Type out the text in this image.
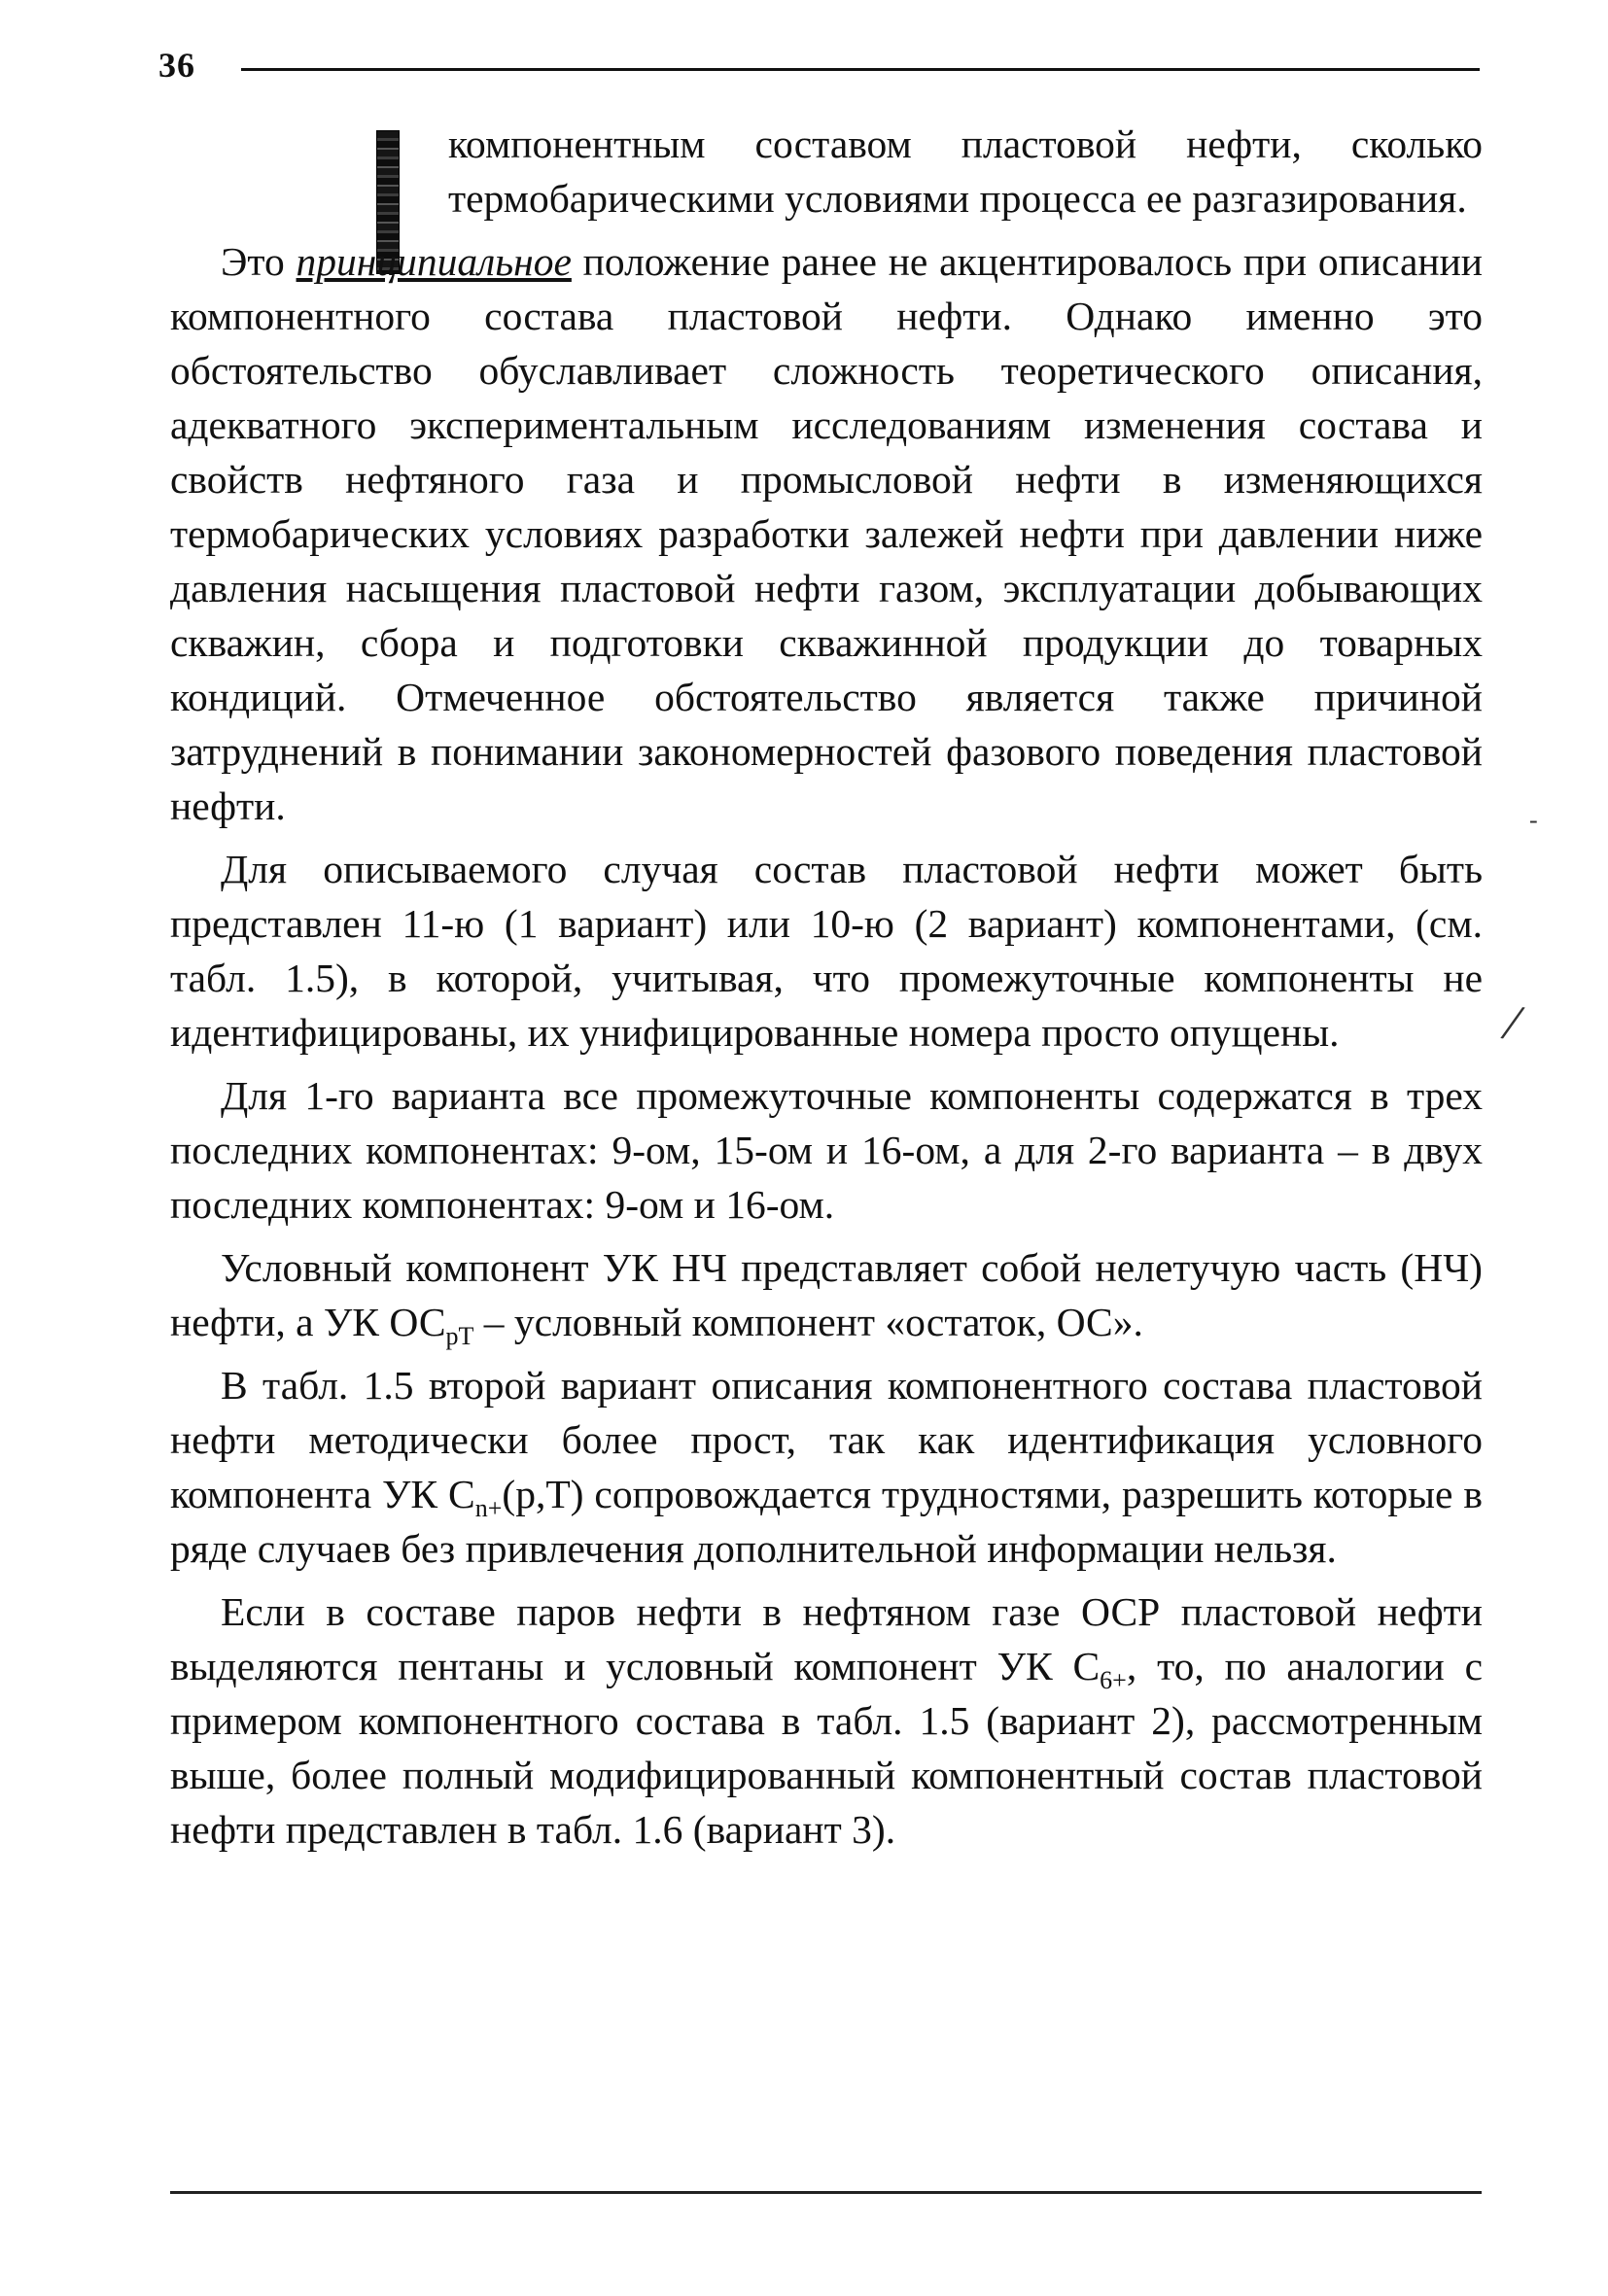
36

компонентным составом пластовой нефти, сколько термобарическими условиями процесса ее разгазирования.

Это принципиальное положение ранее не акцентировалось при описании компонентного состава пластовой нефти. Однако именно это обстоятельство обуславливает сложность теоретического описания, адекватного экспериментальным исследованиям изменения состава и свойств нефтяного газа и промысловой нефти в изменяющихся термобарических условиях разработки залежей нефти при давлении ниже давления насыщения пластовой нефти газом, эксплуатации добывающих скважин, сбора и подготовки скважинной продукции до товарных кондиций. Отмеченное обстоятельство является также причиной затруднений в понимании закономерностей фазового поведения пластовой нефти.

Для описываемого случая состав пластовой нефти может быть представлен 11-ю (1 вариант) или 10-ю (2 вариант) компонентами, (см. табл. 1.5), в которой, учитывая, что промежуточные компоненты не идентифицированы, их унифицированные номера просто опущены.

Для 1-го варианта все промежуточные компоненты содержатся в трех последних компонентах: 9-ом, 15-ом и 16-ом, а для 2-го варианта – в двух последних компонентах: 9-ом и 16-ом.

Условный компонент УК НЧ представляет собой нелетучую часть (НЧ) нефти, а УК $ОС_{рТ}$ – условный компонент «остаток, ОС».

В табл. 1.5 второй вариант описания компонентного состава пластовой нефти методически более прост, так как идентификация условного компонента УК $С_{n+}(р,Т)$ сопровождается трудностями, разрешить которые в ряде случаев без привлечения дополнительной информации нельзя.

Если в составе паров нефти в нефтяном газе ОСР пластовой нефти выделяются пентаны и условный компонент УК $С_{6+}$, то, по аналогии с примером компонентного состава в табл. 1.5 (вариант 2), рассмотренным выше, более полный модифицированный компонентный состав пластовой нефти представлен в табл. 1.6 (вариант 3).

-
/
